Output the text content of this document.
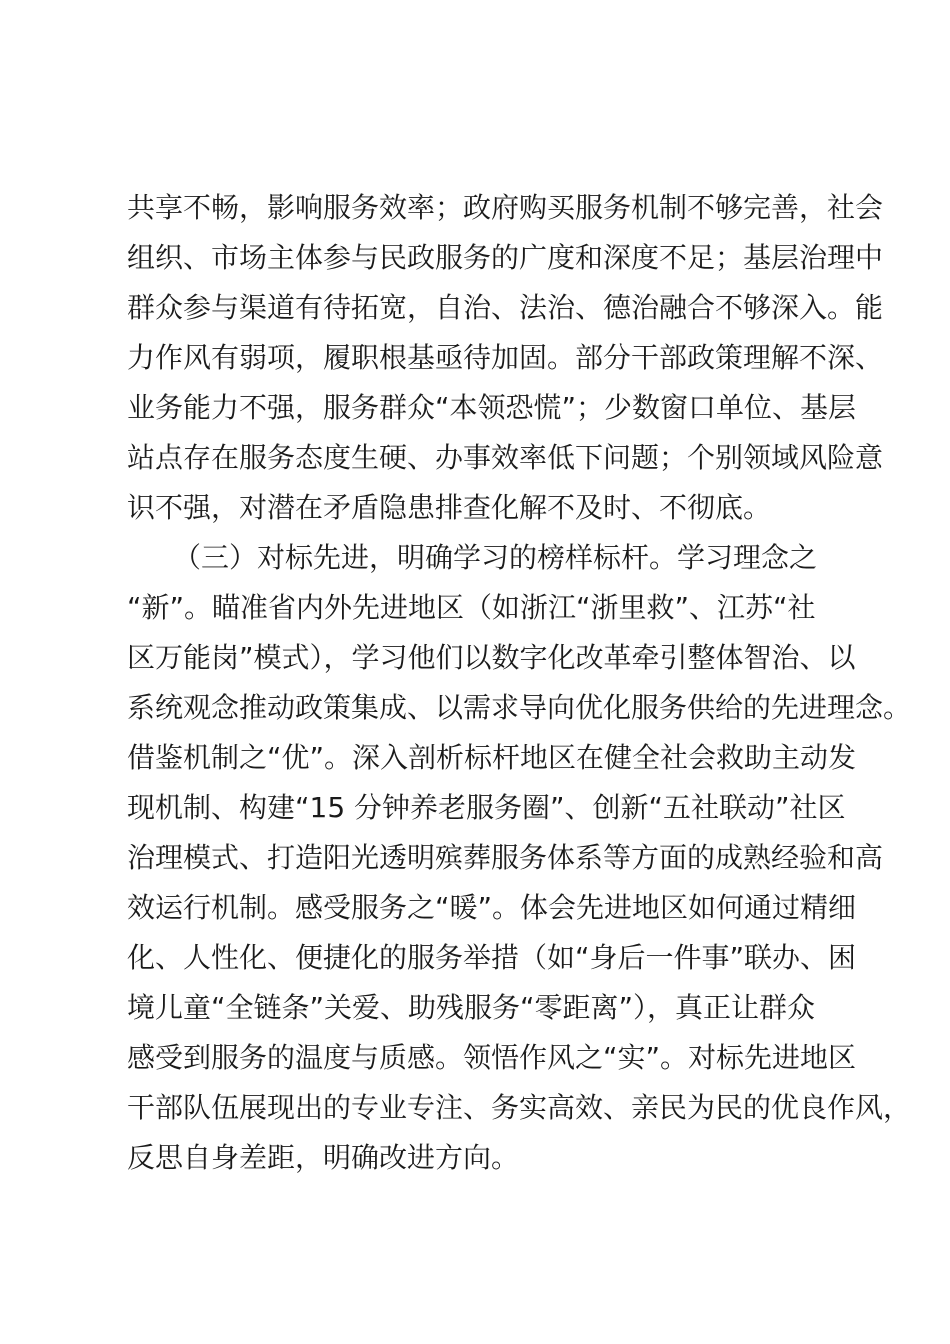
共享不畅，影响服务效率；政府购买服务机制不够完善，社会
组织、市场主体参与民政服务的广度和深度不足；基层治理中
群众参与渠道有待拓宽，自治、法治、德治融合不够深入。能
力作风有弱项，履职根基亟待加固。部分干部政策理解不深、
业务能力不强，服务群众“本领恐慌”；少数窗口单位、基层
站点存在服务态度生硬、办事效率低下问题；个别领域风险意
识不强，对潜在矛盾隐患排查化解不及时、不彻底。
（三）对标先进，明确学习的榜样标杆。学习理念之
“新”。瞄准省内外先进地区（如浙江“浙里救”、江苏“社
区万能岗”模式），学习他们以数字化改革牵引整体智治、以
系统观念推动政策集成、以需求导向优化服务供给的先进理念。
借鉴机制之“优”。深入剖析标杆地区在健全社会救助主动发
现机制、构建“15 分钟养老服务圈”、创新“五社联动”社区
治理模式、打造阳光透明殡葬服务体系等方面的成熟经验和高
效运行机制。感受服务之“暖”。体会先进地区如何通过精细
化、人性化、便捷化的服务举措（如“身后一件事”联办、困
境儿童“全链条”关爱、助残服务“零距离”），真正让群众
感受到服务的温度与质感。领悟作风之“实”。对标先进地区
干部队伍展现出的专业专注、务实高效、亲民为民的优良作风，
反思自身差距，明确改进方向。
